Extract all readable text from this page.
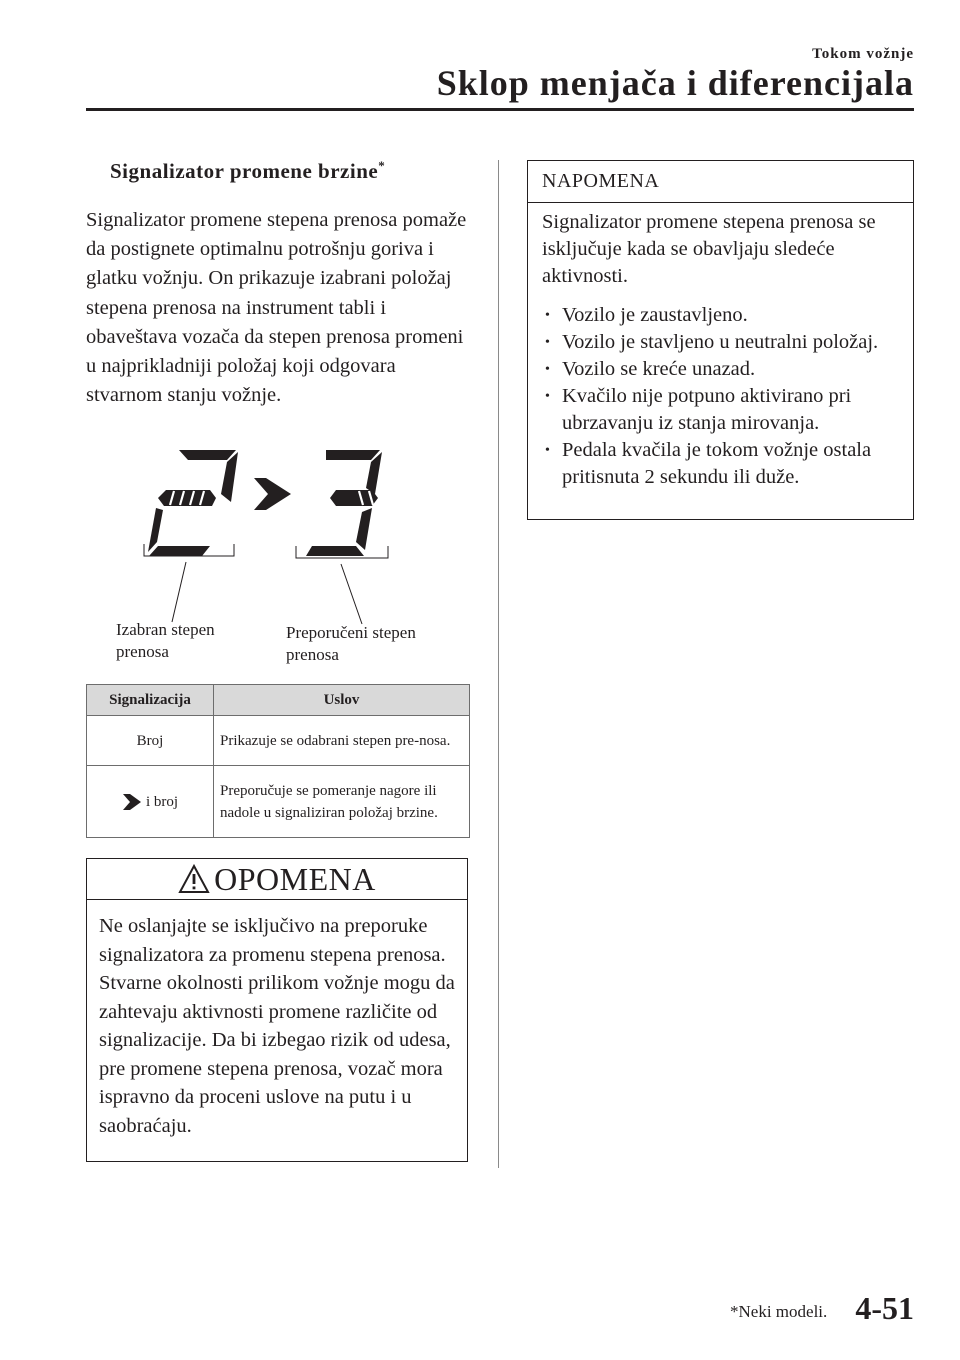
Tokom vožnje
Sklop menjača i diferencijala
Signalizator promene brzine*

Signalizator promene stepena prenosa pomaže da postignete optimalnu potrošnju goriva i glatku vožnju. On prikazuje izabrani položaj stepena prenosa na instrument tabli i obaveštava vozača da stepen prenosa promeni u najprikladniji položaj koji odgovara stvarnom stanju vožnje.

Izabran stepen
prenosa
Preporučeni stepen
prenosa
Signalizacija	Uslov
Broj	Prikazuje se odabrani stepen pre-nosa.
i broj	Preporučuje se pomeranje nagore ili nadole u signaliziran položaj brzine.
OPOMENA

Ne oslanjajte se isključivo na preporuke signalizatora za promenu stepena prenosa. Stvarne okolnosti prilikom vožnje mogu da zahtevaju aktivnosti promene različite od signalizacije. Da bi izbegao rizik od udesa, pre promene stepena prenosa, vozač mora ispravno da proceni uslove na putu i u saobraćaju.

NAPOMENA

Signalizator promene stepena prenosa se isključuje kada se obavljaju sledeće aktivnosti.

• Vozilo je zaustavljeno.
• Vozilo je stavljeno u neutralni položaj.
• Vozilo se kreće unazad.
• Kvačilo nije potpuno aktivirano pri ubrzavanju iz stanja mirovanja.
• Pedala kvačila je tokom vožnje ostala pritisnuta 2 sekundu ili duže.
*Neki modeli. 4-51
